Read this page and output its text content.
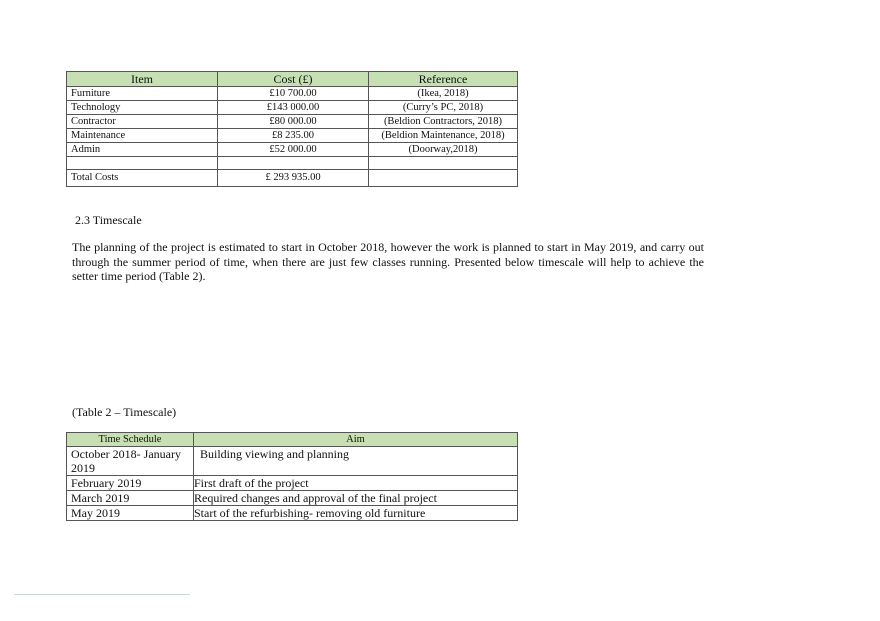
Item	Cost (£)	Reference
Furniture	£10 700.00	(Ikea, 2018)
Technology	£143 000.00	(Curry’s PC, 2018)
Contractor	£80 000.00	(Beldion Contractors, 2018)
Maintenance	£8 235.00	(Beldion Maintenance, 2018)
Admin	£52 000.00	(Doorway,2018)

Total Costs	£ 293 935.00	
2.3 Timescale

The planning of the project is estimated to start in October 2018, however the work is planned to start in May 2019, and carry out through the summer period of time, when there are just few classes running. Presented below timescale will help to achieve the setter time period (Table 2).

(Table 2 – Timescale)
Time Schedule	Aim
October 2018- January 2019	Building viewing and planning
February 2019	First draft of the project
March 2019	Required changes and approval of the final project
May 2019	Start of the refurbishing- removing old furniture
